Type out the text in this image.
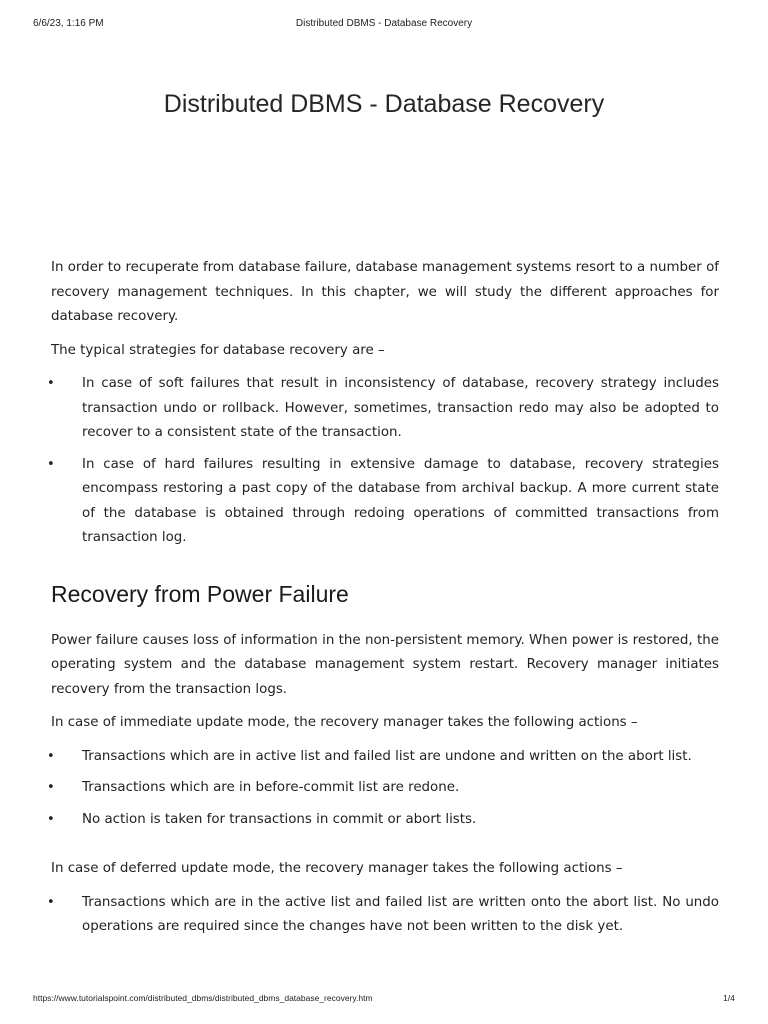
6/6/23, 1:16 PM	Distributed DBMS - Database Recovery
Distributed DBMS - Database Recovery

In order to recuperate from database failure, database management systems resort to a number of recovery management techniques. In this chapter, we will study the different approaches for database recovery.

The typical strategies for database recovery are –

• In case of soft failures that result in inconsistency of database, recovery strategy includes transaction undo or rollback. However, sometimes, transaction redo may also be adopted to recover to a consistent state of the transaction.
• In case of hard failures resulting in extensive damage to database, recovery strategies encompass restoring a past copy of the database from archival backup. A more current state of the database is obtained through redoing operations of committed transactions from transaction log.
Recovery from Power Failure

Power failure causes loss of information in the non-persistent memory. When power is restored, the operating system and the database management system restart. Recovery manager initiates recovery from the transaction logs.

In case of immediate update mode, the recovery manager takes the following actions –

• Transactions which are in active list and failed list are undone and written on the abort list.
• Transactions which are in before-commit list are redone.
• No action is taken for transactions in commit or abort lists.

In case of deferred update mode, the recovery manager takes the following actions –

• Transactions which are in the active list and failed list are written onto the abort list. No undo operations are required since the changes have not been written to the disk yet.
https://www.tutorialspoint.com/distributed_dbms/distributed_dbms_database_recovery.htm	1/4
